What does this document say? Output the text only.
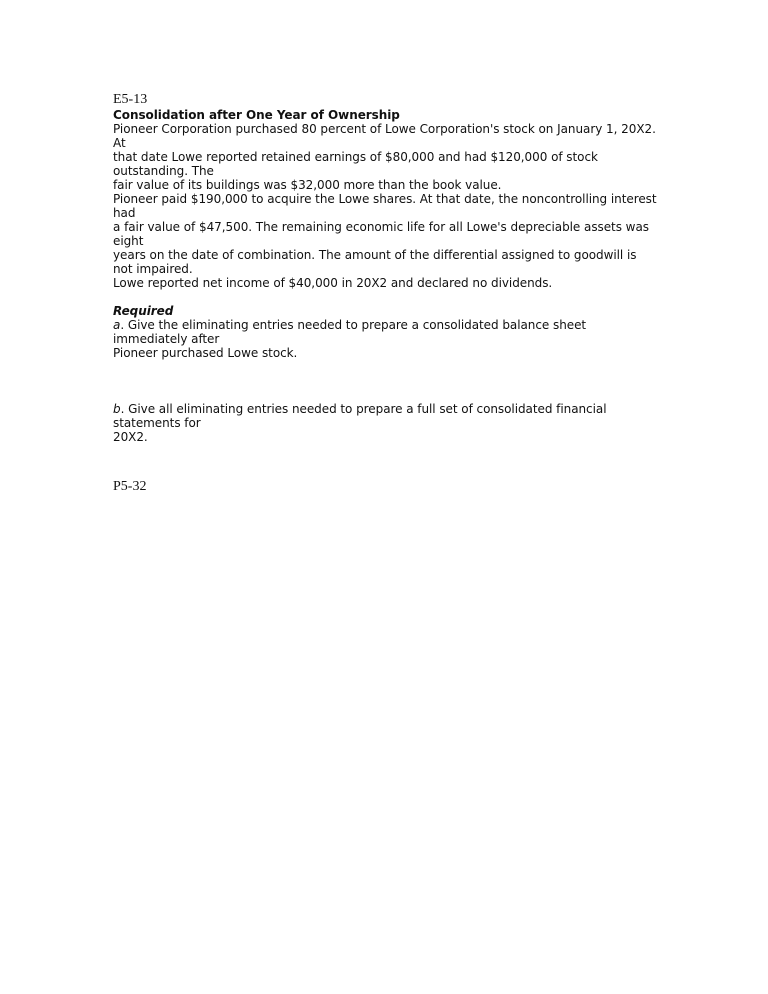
E5-13
Consolidation after One Year of Ownership
Pioneer Corporation purchased 80 percent of Lowe Corporation's stock on January 1, 20X2. At
that date Lowe reported retained earnings of $80,000 and had $120,000 of stock outstanding. The
fair value of its buildings was $32,000 more than the book value.
Pioneer paid $190,000 to acquire the Lowe shares. At that date, the noncontrolling interest had
a fair value of $47,500. The remaining economic life for all Lowe's depreciable assets was eight
years on the date of combination. The amount of the differential assigned to goodwill is not impaired.
Lowe reported net income of $40,000 in 20X2 and declared no dividends.
Required
a. Give the eliminating entries needed to prepare a consolidated balance sheet immediately after
Pioneer purchased Lowe stock.
b. Give all eliminating entries needed to prepare a full set of consolidated financial statements for
20X2.
P5-32
